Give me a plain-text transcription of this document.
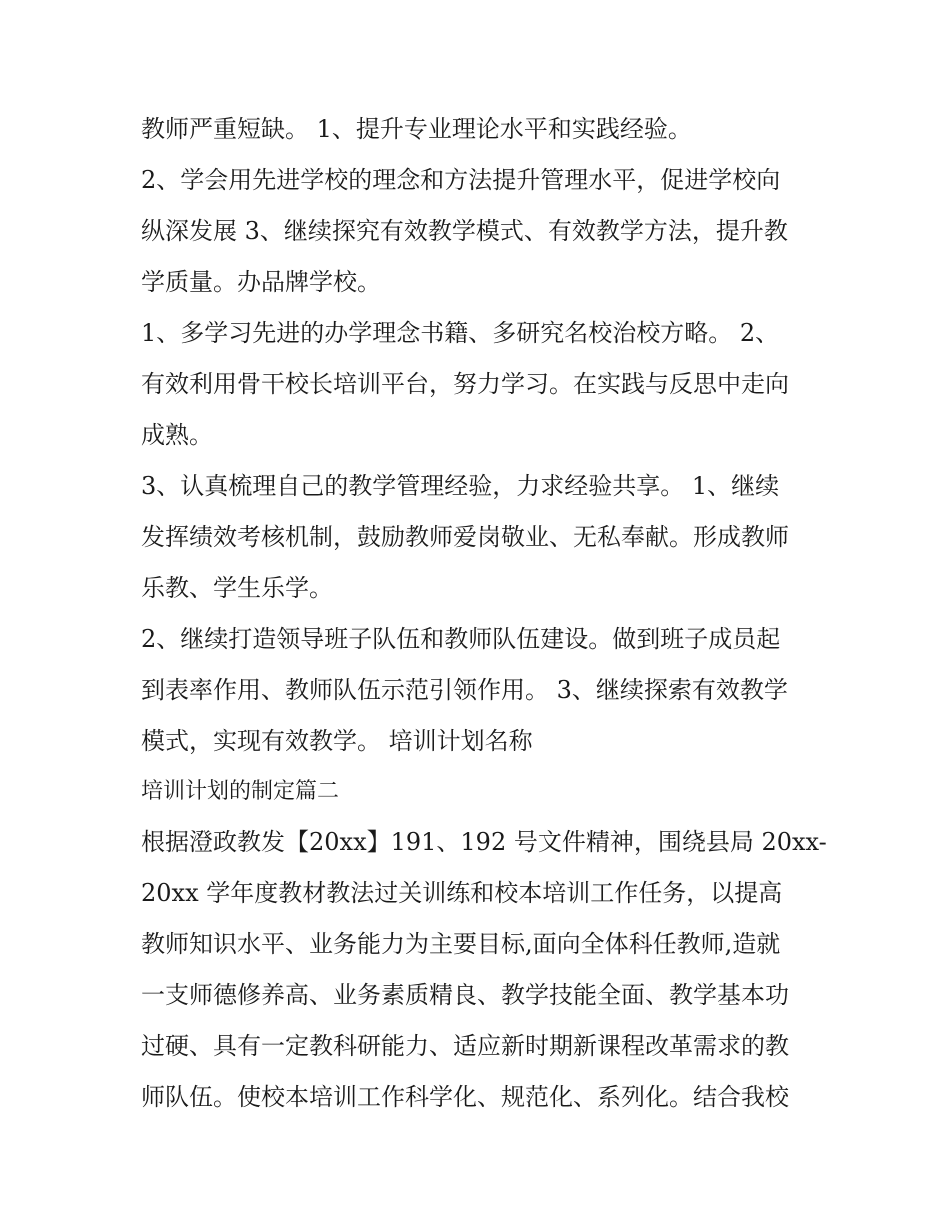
教师严重短缺。 1、提升专业理论水平和实践经验。
2、学会用先进学校的理念和方法提升管理水平，促进学校向
纵深发展 3、继续探究有效教学模式、有效教学方法，提升教
学质量。办品牌学校。
1、多学习先进的办学理念书籍、多研究名校治校方略。 2、
有效利用骨干校长培训平台，努力学习。在实践与反思中走向
成熟。
3、认真梳理自己的教学管理经验，力求经验共享。 1、继续
发挥绩效考核机制，鼓励教师爱岗敬业、无私奉献。形成教师
乐教、学生乐学。
2、继续打造领导班子队伍和教师队伍建设。做到班子成员起
到表率作用、教师队伍示范引领作用。 3、继续探索有效教学
模式，实现有效教学。 培训计划名称
培训计划的制定篇二
根据澄政教发【20xx】191、192 号文件精神，围绕县局 20xx-
20xx 学年度教材教法过关训练和校本培训工作任务，以提高
教师知识水平、业务能力为主要目标,面向全体科任教师,造就
一支师德修养高、业务素质精良、教学技能全面、教学基本功
过硬、具有一定教科研能力、适应新时期新课程改革需求的教
师队伍。使校本培训工作科学化、规范化、系列化。结合我校
